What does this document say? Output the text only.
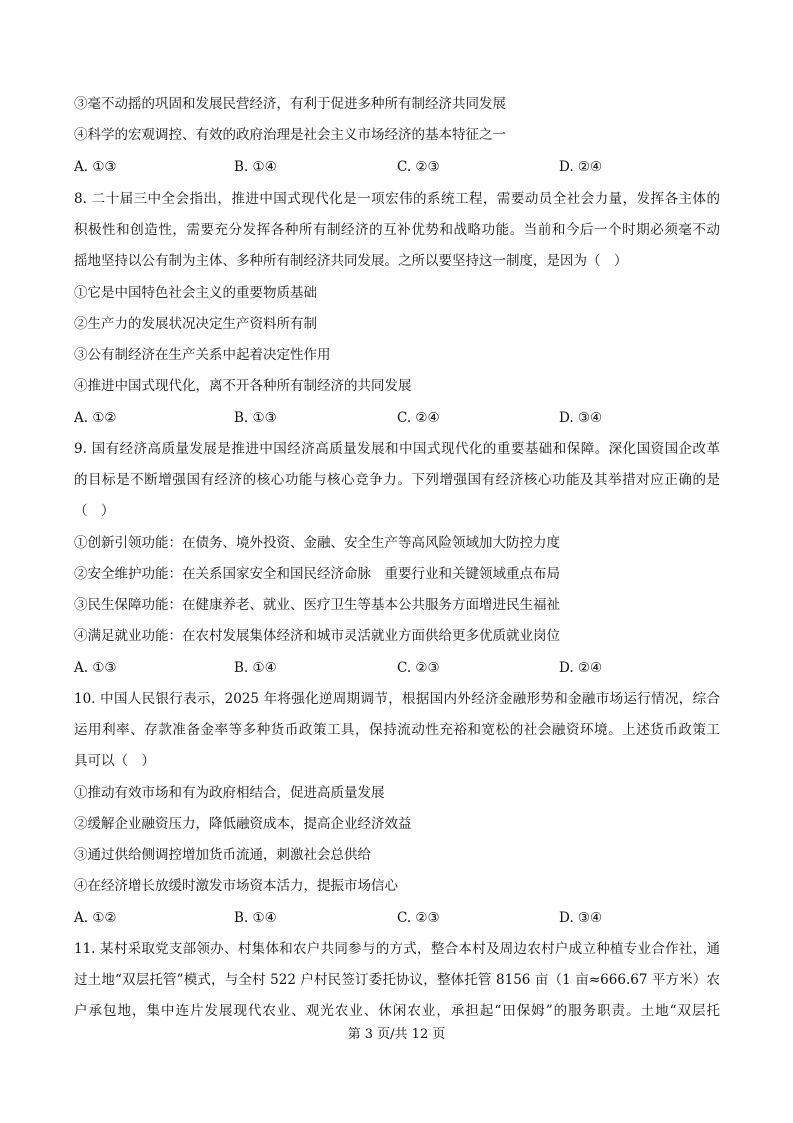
③毫不动摇的巩固和发展民营经济，有利于促进多种所有制经济共同发展
④科学的宏观调控、有效的政府治理是社会主义市场经济的基本特征之一
A. ①③	B. ①④	C. ②③	D. ②④
8. 二十届三中全会指出，推进中国式现代化是一项宏伟的系统工程，需要动员全社会力量，发挥各主体的
积极性和创造性，需要充分发挥各种所有制经济的互补优势和战略功能。当前和今后一个时期必须毫不动
摇地坚持以公有制为主体、多种所有制经济共同发展。之所以要坚持这一制度，是因为（　）
①它是中国特色社会主义的重要物质基础
②生产力的发展状况决定生产资料所有制
③公有制经济在生产关系中起着决定性作用
④推进中国式现代化，离不开各种所有制经济的共同发展
A. ①②	B. ①③	C. ②④	D. ③④
9. 国有经济高质量发展是推进中国经济高质量发展和中国式现代化的重要基础和保障。深化国资国企改革
的目标是不断增强国有经济的核心功能与核心竞争力。下列增强国有经济核心功能及其举措对应正确的是
（　）
①创新引领功能：在债务、境外投资、金融、安全生产等高风险领域加大防控力度
②安全维护功能：在关系国家安全和国民经济命脉　重要行业和关键领域重点布局
③民生保障功能：在健康养老、就业、医疗卫生等基本公共服务方面增进民生福祉
④满足就业功能：在农村发展集体经济和城市灵活就业方面供给更多优质就业岗位
A. ①③	B. ①④	C. ②③	D. ②④
10. 中国人民银行表示，2025 年将强化逆周期调节，根据国内外经济金融形势和金融市场运行情况，综合
运用利率、存款准备金率等多种货币政策工具，保持流动性充裕和宽松的社会融资环境。上述货币政策工
具可以（　）
①推动有效市场和有为政府相结合，促进高质量发展
②缓解企业融资压力，降低融资成本，提高企业经济效益
③通过供给侧调控增加货币流通，刺激社会总供给
④在经济增长放缓时激发市场资本活力，提振市场信心
A. ①②	B. ①④	C. ②③	D. ③④
11. 某村采取党支部领办、村集体和农户共同参与的方式，整合本村及周边农村户成立种植专业合作社，通
过土地“双层托管”模式，与全村 522 户村民签订委托协议，整体托管 8156 亩（1 亩≈666.67 平方米）农
户承包地，集中连片发展现代农业、观光农业、休闲农业，承担起“田保姆”的服务职责。土地“双层托
第 3 页/共 12 页
